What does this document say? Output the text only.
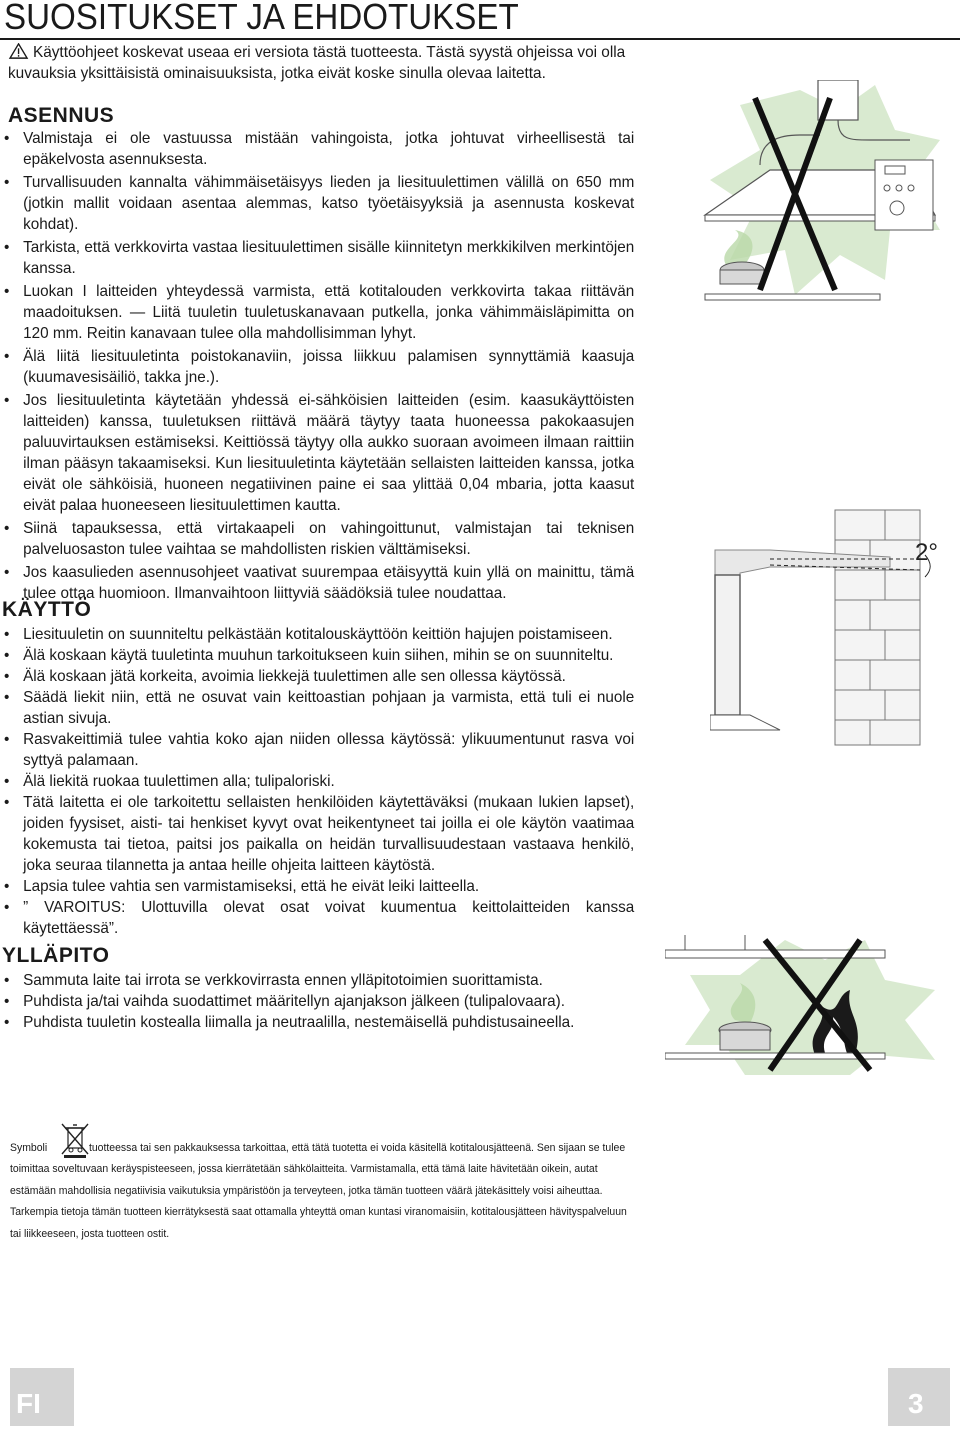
SUOSITUKSET JA EHDOTUKSET
Käyttöohjeet koskevat useaa eri versiota tästä tuotteesta. Tästä syystä ohjeissa voi olla kuvauksia yksittäisistä ominaisuuksista, jotka eivät koske sinulla olevaa laitetta.
ASENNUS
• Valmistaja ei ole vastuussa mistään vahingoista, jotka johtuvat virheellisestä tai epäkelvosta asennuksesta.
• Turvallisuuden kannalta vähimmäisetäisyys lieden ja liesituulettimen välillä on 650 mm (jotkin mallit voidaan asentaa alemmas, katso työetäisyyksiä ja asennusta koskevat kohdat).
• Tarkista, että verkkovirta vastaa liesituulettimen sisälle kiinnitetyn merkkikilven merkintöjen kanssa.
• Luokan I laitteiden yhteydessä varmista, että kotitalouden verkkovirta takaa riittävän maadoituksen. — Liitä tuuletin tuuletuskanavaan putkella, jonka vähimmäisläpimitta on 120 mm. Reitin kanavaan tulee olla mahdollisimman lyhyt.
• Älä liitä liesituuletinta poistokanaviin, joissa liikkuu palamisen synnyttämiä kaasuja (kuumavesisäiliö, takka jne.).
• Jos liesituuletinta käytetään yhdessä ei-sähköisien laitteiden (esim. kaasukäyttöisten laitteiden) kanssa, tuuletuksen riittävä määrä täytyy taata huoneessa pakokaasujen paluuvirtauksen estämiseksi. Keittiössä täytyy olla aukko suoraan avoimeen ilmaan raittiin ilman pääsyn takaamiseksi. Kun liesituuletinta käytetään sellaisten laitteiden kanssa, jotka eivät ole sähköisiä, huoneen negatiivinen paine ei saa ylittää 0,04 mbaria, jotta kaasut eivät palaa huoneeseen liesituulettimen kautta.
• Siinä tapauksessa, että virtakaapeli on vahingoittunut, valmistajan tai teknisen palveluosaston tulee vaihtaa se mahdollisten riskien välttämiseksi.
• Jos kaasulieden asennusohjeet vaativat suurempaa etäisyyttä kuin yllä on mainittu, tämä tulee ottaa huomioon. Ilmanvaihtoon liittyviä säädöksiä tulee noudattaa.
KÄYTTÖ
• Liesituuletin on suunniteltu pelkästään kotitalouskäyttöön keittiön hajujen poistamiseen.
• Älä koskaan käytä tuuletinta muuhun tarkoitukseen kuin siihen, mihin se on suunniteltu.
• Älä koskaan jätä korkeita, avoimia liekkejä tuulettimen alle sen ollessa käytössä.
• Säädä liekit niin, että ne osuvat vain keittoastian pohjaan ja varmista, että tuli ei nuole astian sivuja.
• Rasvakeittimiä tulee vahtia koko ajan niiden ollessa käytössä: ylikuumentunut rasva voi syttyä palamaan.
• Älä liekitä ruokaa tuulettimen alla; tulipaloriski.
• Tätä laitetta ei ole tarkoitettu sellaisten henkilöiden käytettäväksi (mukaan lukien lapset), joiden fyysiset, aisti- tai henkiset kyvyt ovat heikentyneet tai joilla ei ole käytön vaatimaa kokemusta tai tietoa, paitsi jos paikalla on heidän turvallisuudestaan vastaava henkilö, joka seuraa tilannetta ja antaa heille ohjeita laitteen käytöstä.
• Lapsia tulee vahtia sen varmistamiseksi, että he eivät leiki laitteella.
• ” VAROITUS: Ulottuvilla olevat osat voivat kuumentua keittolaitteiden kanssa käytettäessä”.
YLLÄPITO
• Sammuta laite tai irrota se verkkovirrasta ennen ylläpitotoimien suorittamista.
• Puhdista ja/tai vaihda suodattimet määritellyn ajanjakson jälkeen (tulipalovaara).
• Puhdista tuuletin kostealla liimalla ja neutraalilla, nestemäisellä puhdistusaineella.
2°
Symboli	tuotteessa tai sen pakkauksessa tarkoittaa, että tätä tuotetta ei voida käsitellä kotitalousjätteenä. Sen sijaan se tulee toimittaa soveltuvaan keräyspisteeseen, jossa kierrätetään sähkölaitteita. Varmistamalla, että tämä laite hävitetään oikein, autat estämään mahdollisia negatiivisia vaikutuksia ympäristöön ja terveyteen, jotka tämän tuotteen väärä jätekäsittely voisi aiheuttaa. Tarkempia tietoja tämän tuotteen kierrätyksestä saat ottamalla yhteyttä oman kuntasi viranomaisiin, kotitalousjätteen hävityspalveluun tai liikkeeseen, josta tuotteen ostit.
FI	3
